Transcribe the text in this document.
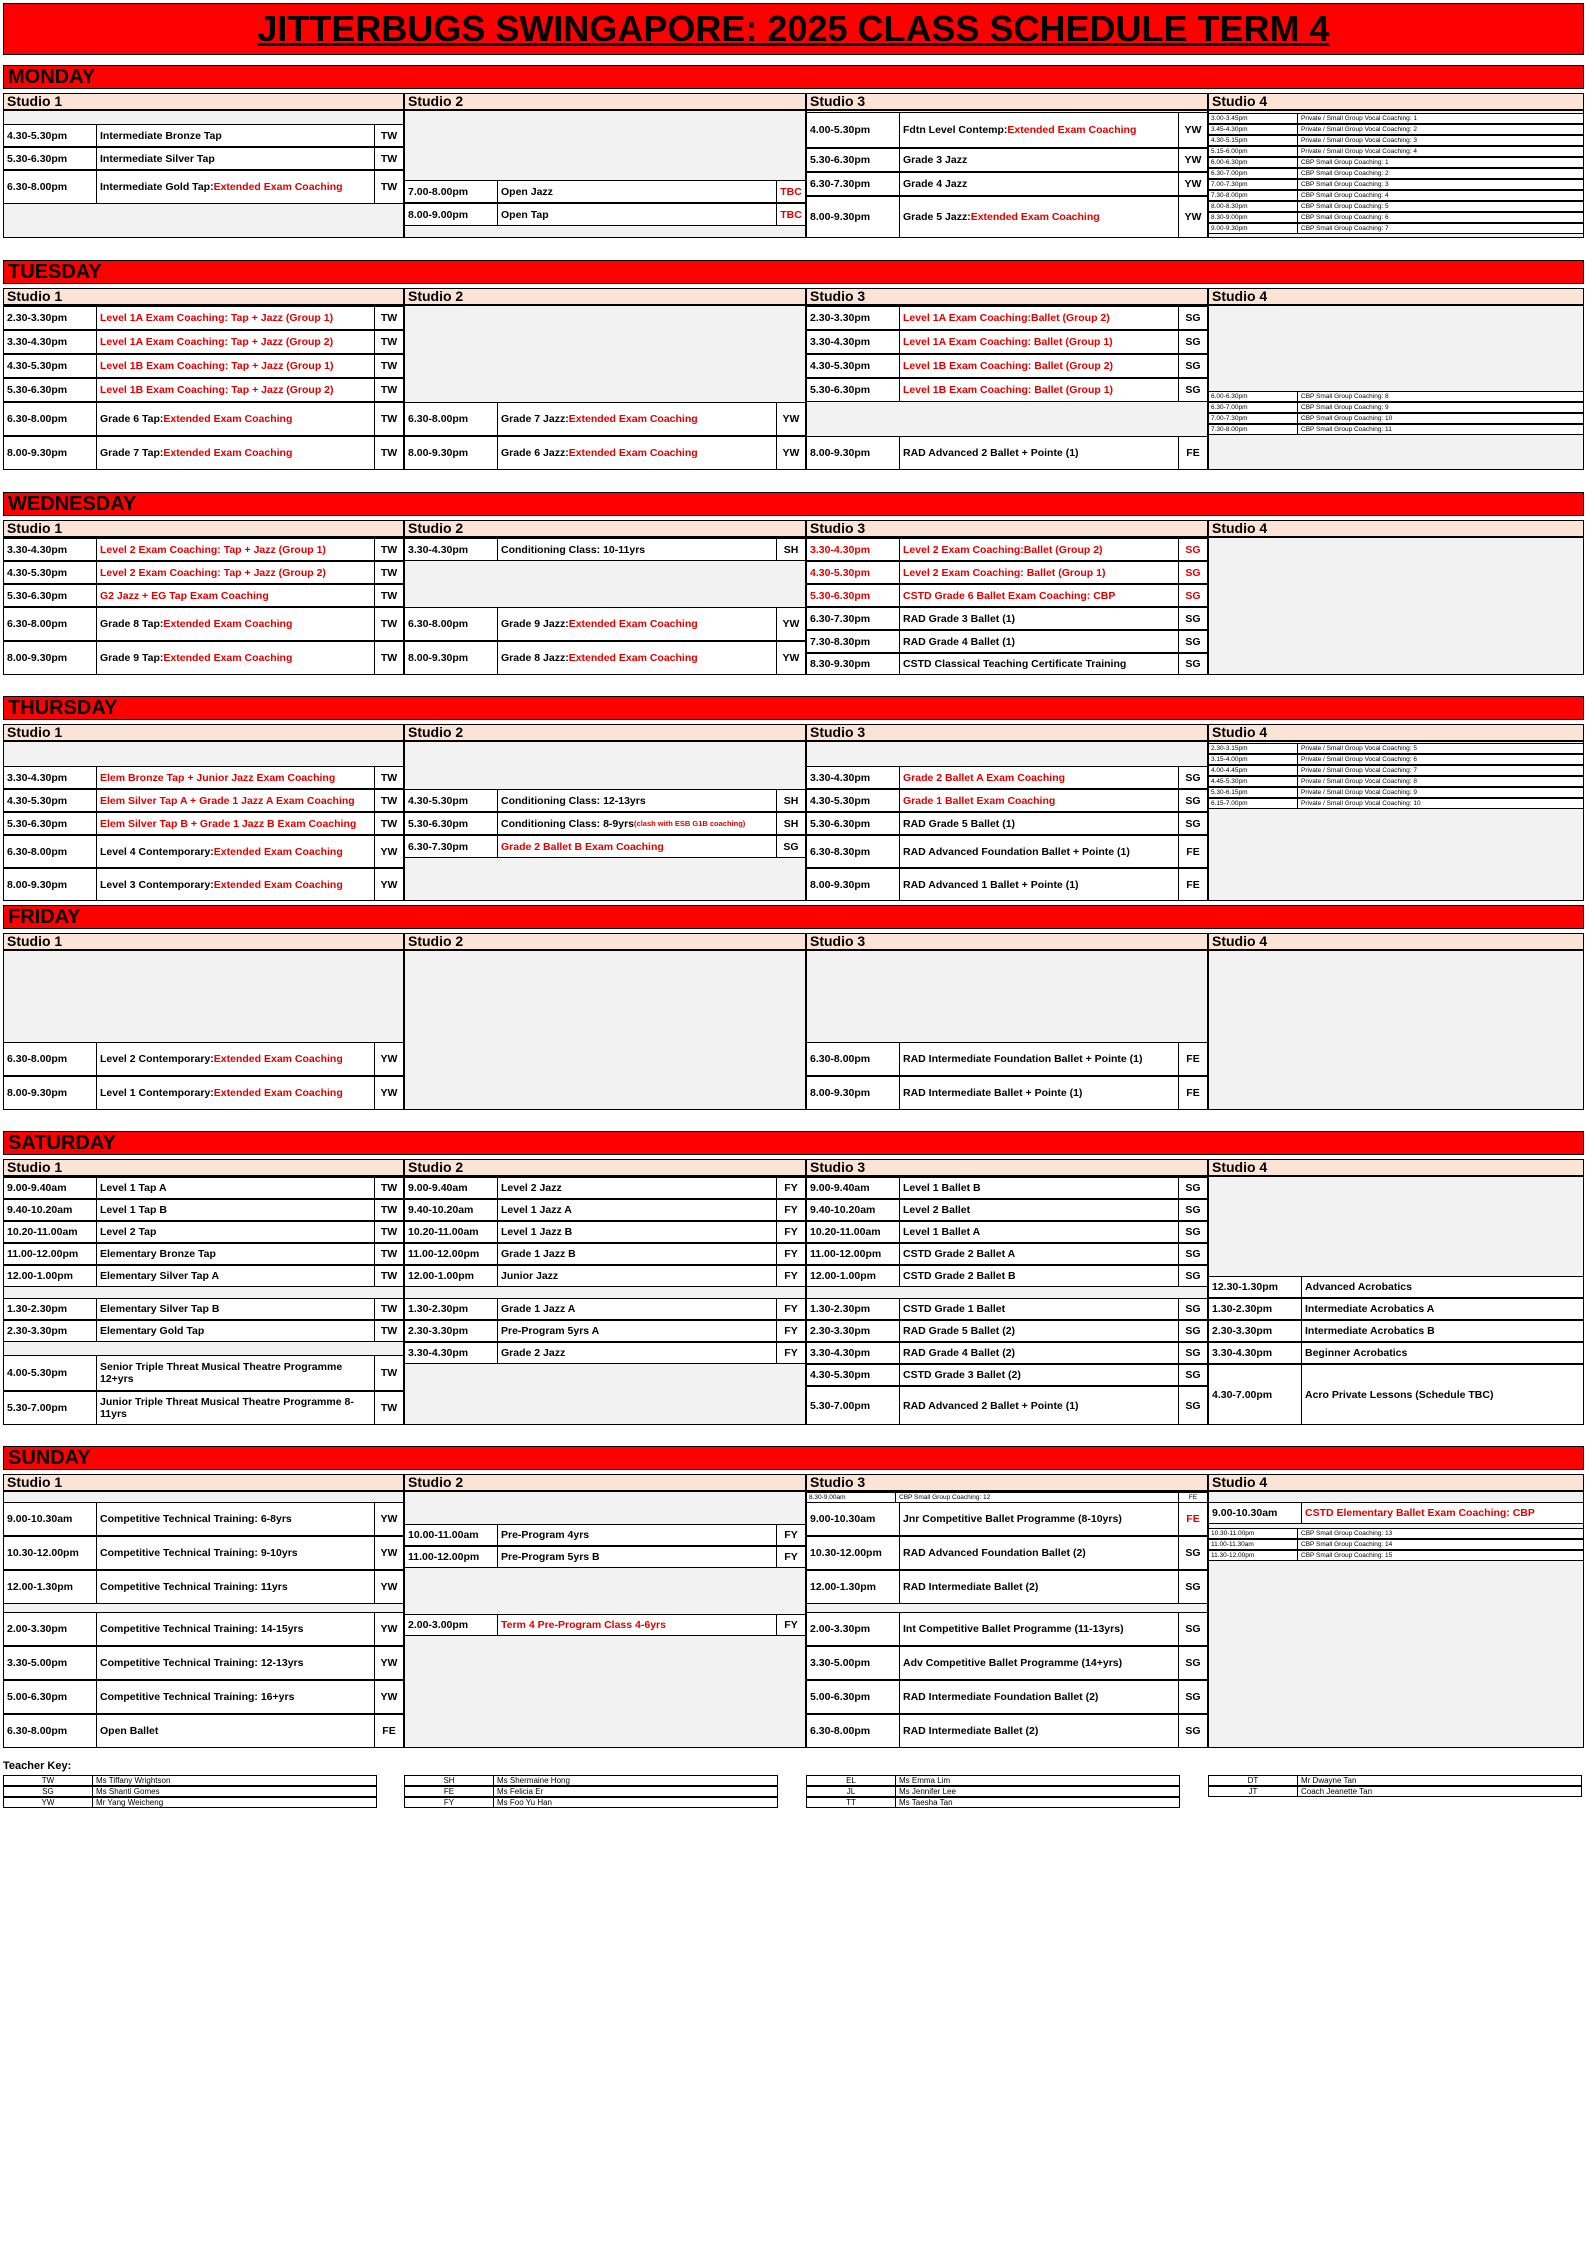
JITTERBUGS SWINGAPORE: 2025 CLASS SCHEDULE TERM 4
MONDAY
Studio 1
4.30-5.30pm	Intermediate Bronze Tap	TW
5.30-6.30pm	Intermediate Silver Tap	TW
6.30-8.00pm	Intermediate Gold Tap: Extended Exam Coaching	TW
Studio 2
7.00-8.00pm	Open Jazz	TBC
8.00-9.00pm	Open Tap	TBC
Studio 3
4.00-5.30pm	Fdtn Level Contemp: Extended Exam Coaching	YW
5.30-6.30pm	Grade 3 Jazz	YW
6.30-7.30pm	Grade 4 Jazz	YW
8.00-9.30pm	Grade 5 Jazz: Extended Exam Coaching	YW
Studio 4
3.00-3.45pm	Private / Small Group Vocal Coaching: 1
3.45-4.30pm	Private / Small Group Vocal Coaching: 2
4.30-5.15pm	Private / Small Group Vocal Coaching: 3
5.15-6.00pm	Private / Small Group Vocal Coaching: 4
6.00-6.30pm	CBP Small Group Coaching: 1
6.30-7.00pm	CBP Small Group Coaching: 2
7.00-7.30pm	CBP Small Group Coaching: 3
7.30-8.00pm	CBP Small Group Coaching: 4
8.00-8.30pm	CBP Small Group Coaching: 5
8.30-9.00pm	CBP Small Group Coaching: 6
9.00-9.30pm	CBP Small Group Coaching: 7
TUESDAY
Studio 1
2.30-3.30pm	Level 1A Exam Coaching: Tap + Jazz (Group 1)	TW
3.30-4.30pm	Level 1A Exam Coaching: Tap + Jazz (Group 2)	TW
4.30-5.30pm	Level 1B Exam Coaching: Tap + Jazz (Group 1)	TW
5.30-6.30pm	Level 1B Exam Coaching: Tap + Jazz (Group 2)	TW
6.30-8.00pm	Grade 6 Tap: Extended Exam Coaching	TW
8.00-9.30pm	Grade 7 Tap: Extended Exam Coaching	TW
Studio 2
6.30-8.00pm	Grade 7 Jazz: Extended Exam Coaching	YW
8.00-9.30pm	Grade 6 Jazz: Extended Exam Coaching	YW
Studio 3
2.30-3.30pm	Level 1A Exam Coaching:Ballet (Group 2)	SG
3.30-4.30pm	Level 1A Exam Coaching: Ballet (Group 1)	SG
4.30-5.30pm	Level 1B Exam Coaching: Ballet (Group 2)	SG
5.30-6.30pm	Level 1B Exam Coaching: Ballet (Group 1)	SG
8.00-9.30pm	RAD Advanced 2 Ballet + Pointe (1)	FE
Studio 4
6.00-6.30pm	CBP Small Group Coaching: 8
6.30-7.00pm	CBP Small Group Coaching: 9
7.00-7.30pm	CBP Small Group Coaching: 10
7.30-8.00pm	CBP Small Group Coaching: 11
WEDNESDAY
Studio 1
3.30-4.30pm	Level 2 Exam Coaching: Tap + Jazz (Group 1)	TW
4.30-5.30pm	Level 2 Exam Coaching: Tap + Jazz (Group 2)	TW
5.30-6.30pm	G2 Jazz + EG Tap Exam Coaching	TW
6.30-8.00pm	Grade 8 Tap: Extended Exam Coaching	TW
8.00-9.30pm	Grade 9 Tap: Extended Exam Coaching	TW
Studio 2
3.30-4.30pm	Conditioning Class: 10-11yrs	SH
6.30-8.00pm	Grade 9 Jazz: Extended Exam Coaching	YW
8.00-9.30pm	Grade 8 Jazz: Extended Exam Coaching	YW
Studio 3
3.30-4.30pm	Level 2 Exam Coaching:Ballet (Group 2)	SG
4.30-5.30pm	Level 2 Exam Coaching: Ballet (Group 1)	SG
5.30-6.30pm	CSTD Grade 6 Ballet Exam Coaching: CBP	SG
6.30-7.30pm	RAD Grade 3 Ballet (1)	SG
7.30-8.30pm	RAD Grade 4 Ballet (1)	SG
8.30-9.30pm	CSTD Classical Teaching Certificate Training	SG
Studio 4
THURSDAY
Studio 1
3.30-4.30pm	Elem Bronze Tap + Junior Jazz Exam Coaching	TW
4.30-5.30pm	Elem Silver Tap A + Grade 1 Jazz A Exam Coaching	TW
5.30-6.30pm	Elem Silver Tap B + Grade 1 Jazz B Exam Coaching	TW
6.30-8.00pm	Level 4 Contemporary: Extended Exam Coaching	YW
8.00-9.30pm	Level 3 Contemporary: Extended Exam Coaching	YW
Studio 2
4.30-5.30pm	Conditioning Class: 12-13yrs	SH
5.30-6.30pm	Conditioning Class: 8-9yrs (clash with ESB G1B coaching)	SH
6.30-7.30pm	Grade 2 Ballet B Exam Coaching	SG
Studio 3
3.30-4.30pm	Grade 2 Ballet A Exam Coaching	SG
4.30-5.30pm	Grade 1 Ballet Exam Coaching	SG
5.30-6.30pm	RAD Grade 5 Ballet (1)	SG
6.30-8.30pm	RAD Advanced Foundation Ballet + Pointe (1)	FE
8.00-9.30pm	RAD Advanced 1 Ballet + Pointe (1)	FE
Studio 4
2.30-3.15pm	Private / Small Group Vocal Coaching: 5
3.15-4.00pm	Private / Small Group Vocal Coaching: 6
4.00-4.45pm	Private / Small Group Vocal Coaching: 7
4.45-5.30pm	Private / Small Group Vocal Coaching: 8
5.30-6.15pm	Private / Small Group Vocal Coaching: 9
6.15-7.00pm	Private / Small Group Vocal Coaching: 10
FRIDAY
Studio 1
6.30-8.00pm	Level 2 Contemporary: Extended Exam Coaching	YW
8.00-9.30pm	Level 1 Contemporary: Extended Exam Coaching	YW
Studio 2	Studio 3
6.30-8.00pm	RAD Intermediate Foundation Ballet + Pointe (1)	FE
8.00-9.30pm	RAD Intermediate Ballet + Pointe (1)	FE
Studio 4
SATURDAY
Studio 1
9.00-9.40am	Level 1 Tap A	TW
9.40-10.20am	Level 1 Tap B	TW
10.20-11.00am Level 2 Tap	TW
11.00-12.00pm Elementary Bronze Tap	TW
12.00-1.00pm	Elementary Silver Tap A	TW
1.30-2.30pm	Elementary Silver Tap B	TW
2.30-3.30pm	Elementary Gold Tap	TW
4.00-5.30pm	Senior Triple Threat Musical Theatre Programme 12+yrs	TW
5.30-7.00pm	Junior Triple Threat Musical Theatre Programme 8-11yrs	TW
Studio 2
9.00-9.40am	Level 2 Jazz	FY
9.40-10.20am	Level 1 Jazz A	FY
10.20-11.00am Level 1 Jazz B	FY
11.00-12.00pm Grade 1 Jazz B	FY
12.00-1.00pm	Junior Jazz	FY
1.30-2.30pm	Grade 1 Jazz A	FY
2.30-3.30pm	Pre-Program 5yrs A	FY
3.30-4.30pm	Grade 2 Jazz	FY
Studio 3
9.00-9.40am	Level 1 Ballet B	SG
9.40-10.20am	Level 2 Ballet	SG
10.20-11.00am Level 1 Ballet A	SG
11.00-12.00pm CSTD Grade 2 Ballet A	SG
12.00-1.00pm	CSTD Grade 2 Ballet B	SG
1.30-2.30pm	CSTD Grade 1 Ballet	SG
2.30-3.30pm	RAD Grade 5 Ballet (2)	SG
3.30-4.30pm	RAD Grade 4 Ballet (2)	SG
4.30-5.30pm	CSTD Grade 3 Ballet (2)	SG
5.30-7.00pm	RAD Advanced 2 Ballet + Pointe (1)	SG
Studio 4
12.30-1.30pm	Advanced Acrobatics
1.30-2.30pm	Intermediate Acrobatics A
2.30-3.30pm	Intermediate Acrobatics B
3.30-4.30pm	Beginner Acrobatics
4.30-7.00pm	Acro Private Lessons (Schedule TBC)
SUNDAY
Studio 1
9.00-10.30am	Competitive Technical Training: 6-8yrs	YW
10.30-12.00pm Competitive Technical Training: 9-10yrs	YW
12.00-1.30pm	Competitive Technical Training: 11yrs	YW
2.00-3.30pm	Competitive Technical Training: 14-15yrs	YW
3.30-5.00pm	Competitive Technical Training: 12-13yrs	YW
5.00-6.30pm	Competitive Technical Training: 16+yrs	YW
6.30-8.00pm	Open Ballet	FE
Studio 2
10.00-11.00am Pre-Program 4yrs	FY
11.00-12.00pm Pre-Program 5yrs B	FY
2.00-3.00pm	Term 4 Pre-Program Class 4-6yrs	FY
Studio 3
9.00-10.30am	Jnr Competitive Ballet Programme (8-10yrs)	FE
10.30-12.00pm RAD Advanced Foundation Ballet (2)	SG
12.00-1.30pm	RAD Intermediate Ballet (2)	SG
2.00-3.30pm	Int Competitive Ballet Programme (11-13yrs)	SG
3.30-5.00pm	Adv Competitive Ballet Programme (14+yrs)	SG
5.00-6.30pm	RAD Intermediate Foundation Ballet (2)	SG
6.30-8.00pm	RAD Intermediate Ballet (2)	SG
8.30-9.00am	CBP Small Group Coaching: 12	FE
Studio 4
9.00-10.30am	CSTD Elementary Ballet Exam Coaching: CBP
10.30-11.00pm	CBP Small Group Coaching: 13
11.00-11.30am	CBP Small Group Coaching: 14
11.30-12.00pm	CBP Small Group Coaching: 15
Teacher Key:
TW	Ms Tiffany Wrightson
SG	Ms Shanti Gomes
YW	Mr Yang Weicheng
SH	Ms Shermaine Hong
FE	Ms Felicia Er
FY	Ms Foo Yu Han
EL	Ms Emma Lim
JL	Ms Jennifer Lee
TT	Ms Taesha Tan
DT	Mr Dwayne Tan
JT	Coach Jeanette Tan
